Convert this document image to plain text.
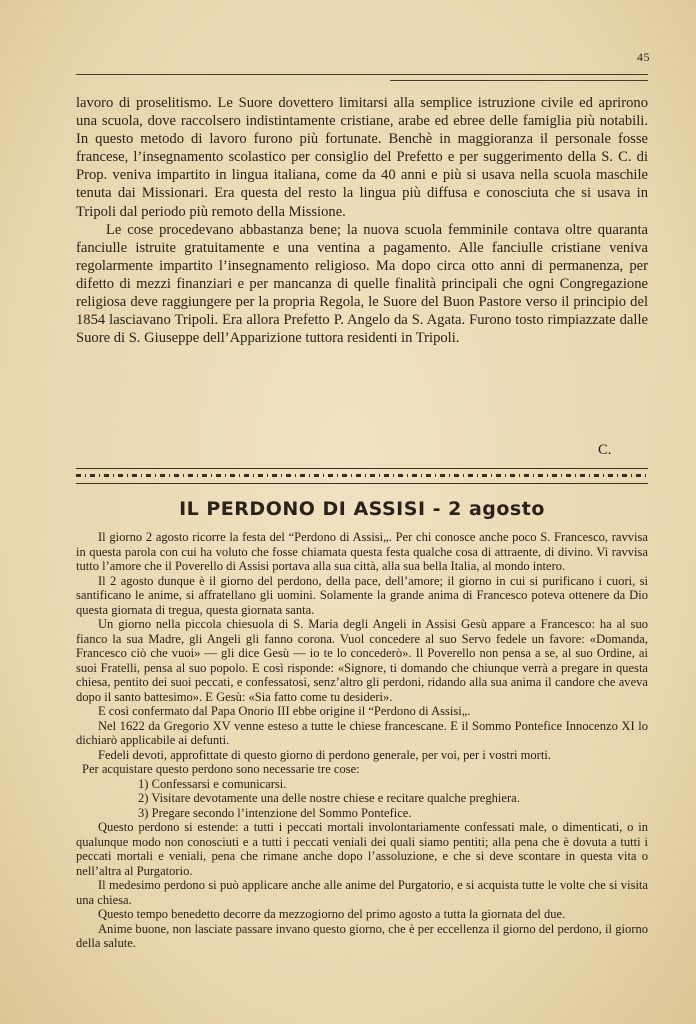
45

lavoro di proselitismo. Le Suore dovettero limitarsi alla semplice istruzione civile ed aprirono una scuola, dove raccolsero indistintamente cristiane, arabe ed ebree delle famiglia più notabili. In questo metodo di lavoro furono più fortunate. Benchè in maggioranza il personale fosse francese, l’insegnamento scolastico per consiglio del Prefetto e per suggerimento della S. C. di Prop. veniva impartito in lingua italiana, come da 40 anni e più si usava nella scuola maschile tenuta dai Missionari. Era questa del resto la lingua più diffusa e conosciuta che si usava in Tripoli dal periodo più remoto della Missione.

Le cose procedevano abbastanza bene; la nuova scuola femminile contava oltre quaranta fanciulle istruite gratuitamente e una ventina a pagamento. Alle fanciulle cristiane veniva regolarmente impartito l’insegnamento religioso. Ma dopo circa otto anni di permanenza, per difetto di mezzi finanziari e per mancanza di quelle finalità principali che ogni Congregazione religiosa deve raggiungere per la propria Regola, le Suore del Buon Pastore verso il principio del 1854 lasciavano Tripoli. Era allora Prefetto P. Angelo da S. Agata. Furono tosto rimpiazzate dalle Suore di S. Giuseppe dell’Apparizione tuttora residenti in Tripoli.

C.
IL PERDONO DI ASSISI - 2 agosto

Il giorno 2 agosto ricorre la festa del “Perdono di Assisi„. Per chi conosce anche poco S. Francesco, ravvisa in questa parola con cui ha voluto che fosse chiamata questa festa qualche cosa di attraente, di divino. Vi ravvisa tutto l’amore che il Poverello di Assisi portava alla sua città, alla sua bella Italia, al mondo intero.

Il 2 agosto dunque è il giorno del perdono, della pace, dell’amore; il giorno in cui si purificano i cuori, si santificano le anime, si affratellano gli uomini. Solamente la grande anima di Francesco poteva ottenere da Dio questa giornata di tregua, questa giornata santa.

Un giorno nella piccola chiesuola di S. Maria degli Angeli in Assisi Gesù appare a Francesco: ha al suo fianco la sua Madre, gli Angeli gli fanno corona. Vuol concedere al suo Servo fedele un favore: «Domanda, Francesco ciò che vuoi» — gli dice Gesù — io te lo concederò». Il Poverello non pensa a se, al suo Ordine, ai suoi Fratelli, pensa al suo popolo. E così risponde: «Signore, ti domando che chiunque verrà a pregare in questa chiesa, pentito dei suoi peccati, e confessatosi, senz’altro gli perdoni, ridando alla sua anima il candore che aveva dopo il santo battesimo». E Gesù: «Sia fatto come tu desideri».

E così confermato dal Papa Onorio III ebbe origine il “Perdono di Assisi„.

Nel 1622 da Gregorio XV venne esteso a tutte le chiese francescane. E il Sommo Pontefice Innocenzo XI lo dichiarò applicabile ai defunti.

Fedeli devoti, approfittate di questo giorno di perdono generale, per voi, per i vostri morti.

Per acquistare questo perdono sono necessarie tre cose:

1) Confessarsi e comunicarsi.

2) Visitare devotamente una delle nostre chiese e recitare qualche preghiera.

3) Pregare secondo l’intenzione del Sommo Pontefice.

Questo perdono si estende: a tutti i peccati mortali involontariamente confessati male, o dimenticati, o in qualunque modo non conosciuti e a tutti i peccati veniali dei quali siamo pentiti; alla pena che è dovuta a tutti i peccati mortali e veniali, pena che rimane anche dopo l’assoluzione, e che si deve scontare in questa vita o nell’altra al Purgatorio.

Il medesimo perdono si può applicare anche alle anime del Purgatorio, e si acquista tutte le volte che si visita una chiesa.

Questo tempo benedetto decorre da mezzogiorno del primo agosto a tutta la giornata del due.

Anime buone, non lasciate passare invano questo giorno, che è per eccellenza il giorno del perdono, il giorno della salute.
